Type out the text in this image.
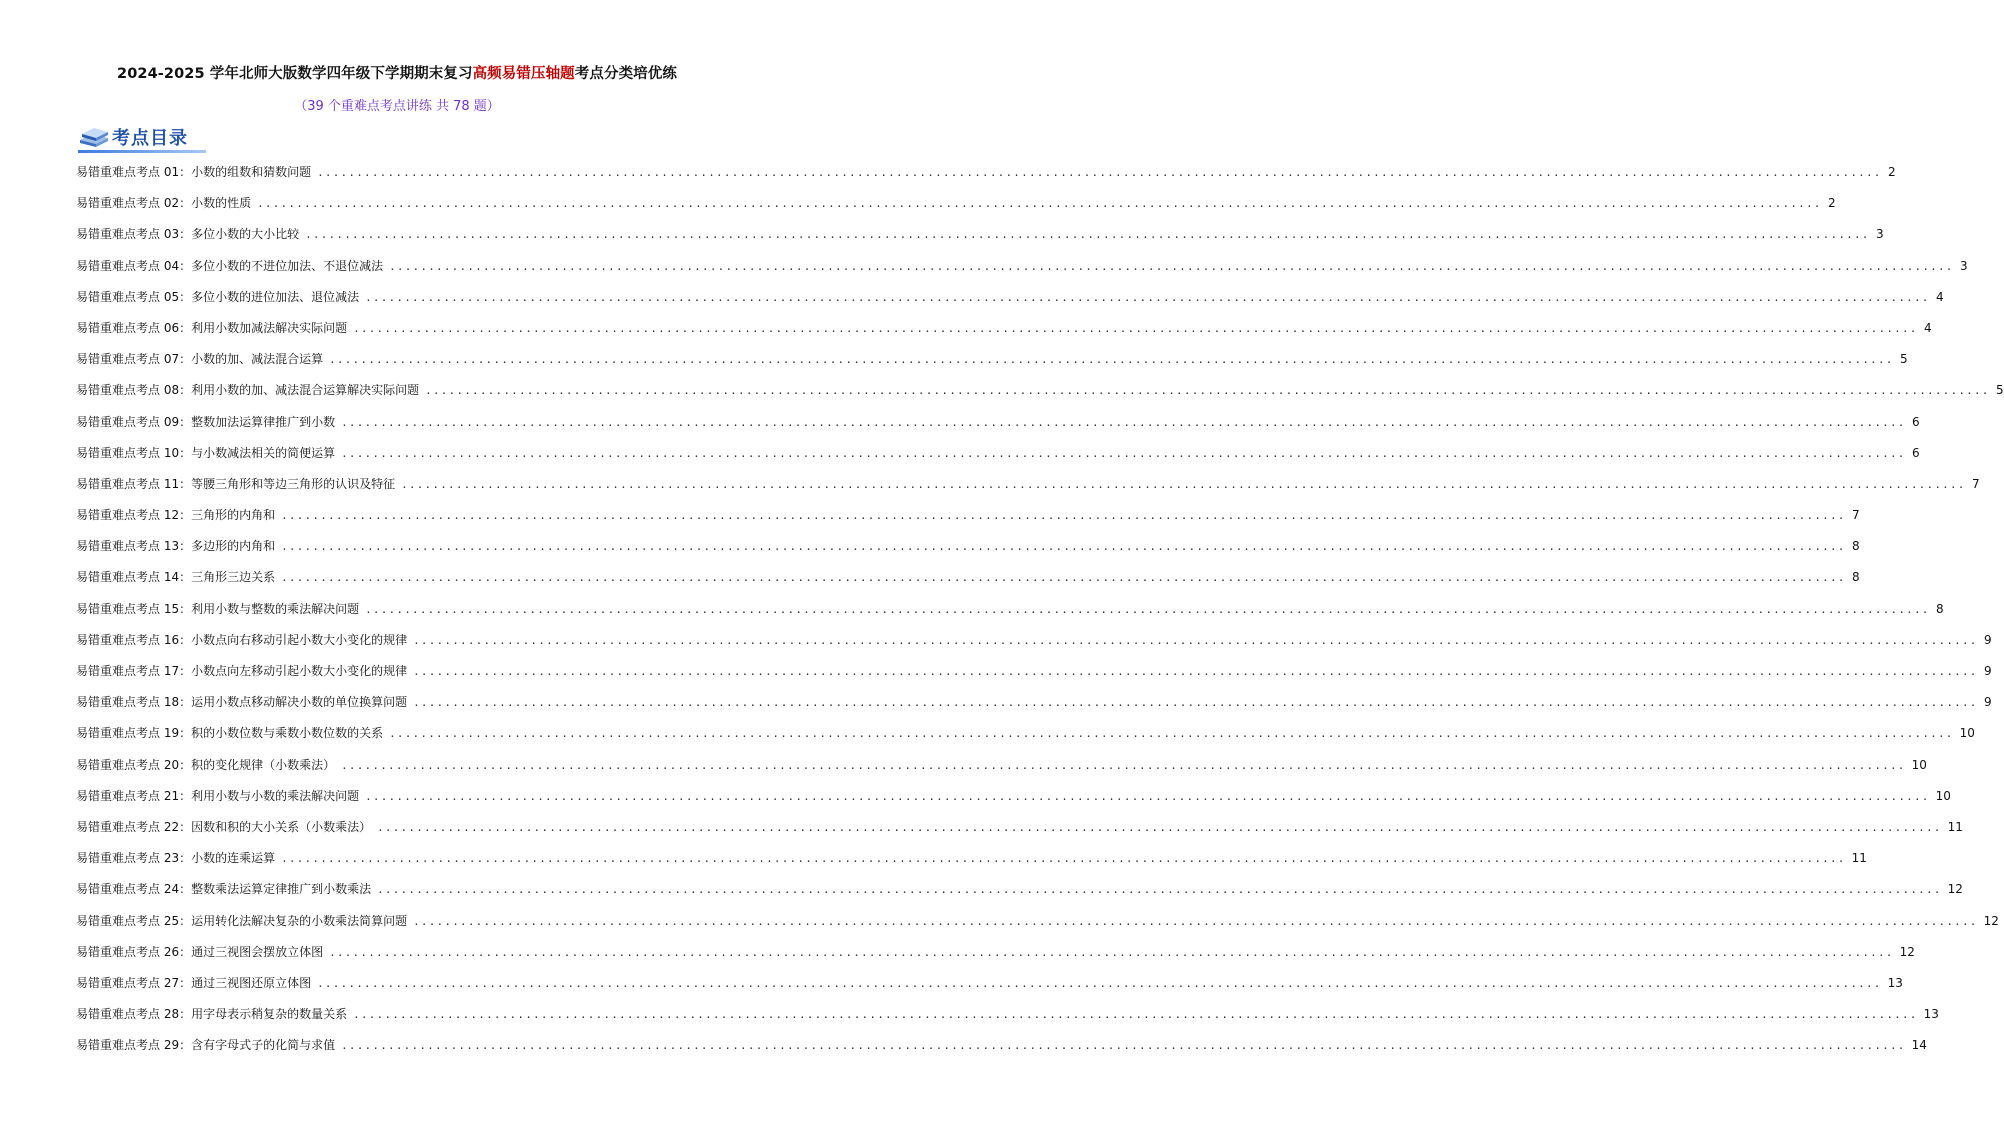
2024-2025 学年北师大版数学四年级下学期期末复习高频易错压轴题考点分类培优练
（39 个重难点考点讲练 共 78 题）
考点目录
易错重难点考点 01：小数的组数和猜数问题 ........................................................................................................................................................................................................ 2
易错重难点考点 02：小数的性质 ........................................................................................................................................................................................................ 2
易错重难点考点 03：多位小数的大小比较 ........................................................................................................................................................................................................ 3
易错重难点考点 04：多位小数的不进位加法、不退位减法 ........................................................................................................................................................................................................ 3
易错重难点考点 05：多位小数的进位加法、退位减法 ........................................................................................................................................................................................................ 4
易错重难点考点 06：利用小数加减法解决实际问题 ........................................................................................................................................................................................................ 4
易错重难点考点 07：小数的加、减法混合运算 ........................................................................................................................................................................................................ 5
易错重难点考点 08：利用小数的加、减法混合运算解决实际问题 ........................................................................................................................................................................................................ 5
易错重难点考点 09：整数加法运算律推广到小数 ........................................................................................................................................................................................................ 6
易错重难点考点 10：与小数减法相关的简便运算 ........................................................................................................................................................................................................ 6
易错重难点考点 11：等腰三角形和等边三角形的认识及特征 ........................................................................................................................................................................................................ 7
易错重难点考点 12：三角形的内角和 ........................................................................................................................................................................................................ 7
易错重难点考点 13：多边形的内角和 ........................................................................................................................................................................................................ 8
易错重难点考点 14：三角形三边关系 ........................................................................................................................................................................................................ 8
易错重难点考点 15：利用小数与整数的乘法解决问题 ........................................................................................................................................................................................................ 8
易错重难点考点 16：小数点向右移动引起小数大小变化的规律 ........................................................................................................................................................................................................ 9
易错重难点考点 17：小数点向左移动引起小数大小变化的规律 ........................................................................................................................................................................................................ 9
易错重难点考点 18：运用小数点移动解决小数的单位换算问题 ........................................................................................................................................................................................................ 9
易错重难点考点 19：积的小数位数与乘数小数位数的关系 ........................................................................................................................................................................................................ 10
易错重难点考点 20：积的变化规律（小数乘法） ........................................................................................................................................................................................................ 10
易错重难点考点 21：利用小数与小数的乘法解决问题 ........................................................................................................................................................................................................ 10
易错重难点考点 22：因数和积的大小关系（小数乘法） ........................................................................................................................................................................................................ 11
易错重难点考点 23：小数的连乘运算 ........................................................................................................................................................................................................ 11
易错重难点考点 24：整数乘法运算定律推广到小数乘法 ........................................................................................................................................................................................................ 12
易错重难点考点 25：运用转化法解决复杂的小数乘法简算问题 ........................................................................................................................................................................................................ 12
易错重难点考点 26：通过三视图会摆放立体图 ........................................................................................................................................................................................................ 12
易错重难点考点 27：通过三视图还原立体图 ........................................................................................................................................................................................................ 13
易错重难点考点 28：用字母表示稍复杂的数量关系 ........................................................................................................................................................................................................ 13
易错重难点考点 29：含有字母式子的化简与求值 ........................................................................................................................................................................................................ 14
